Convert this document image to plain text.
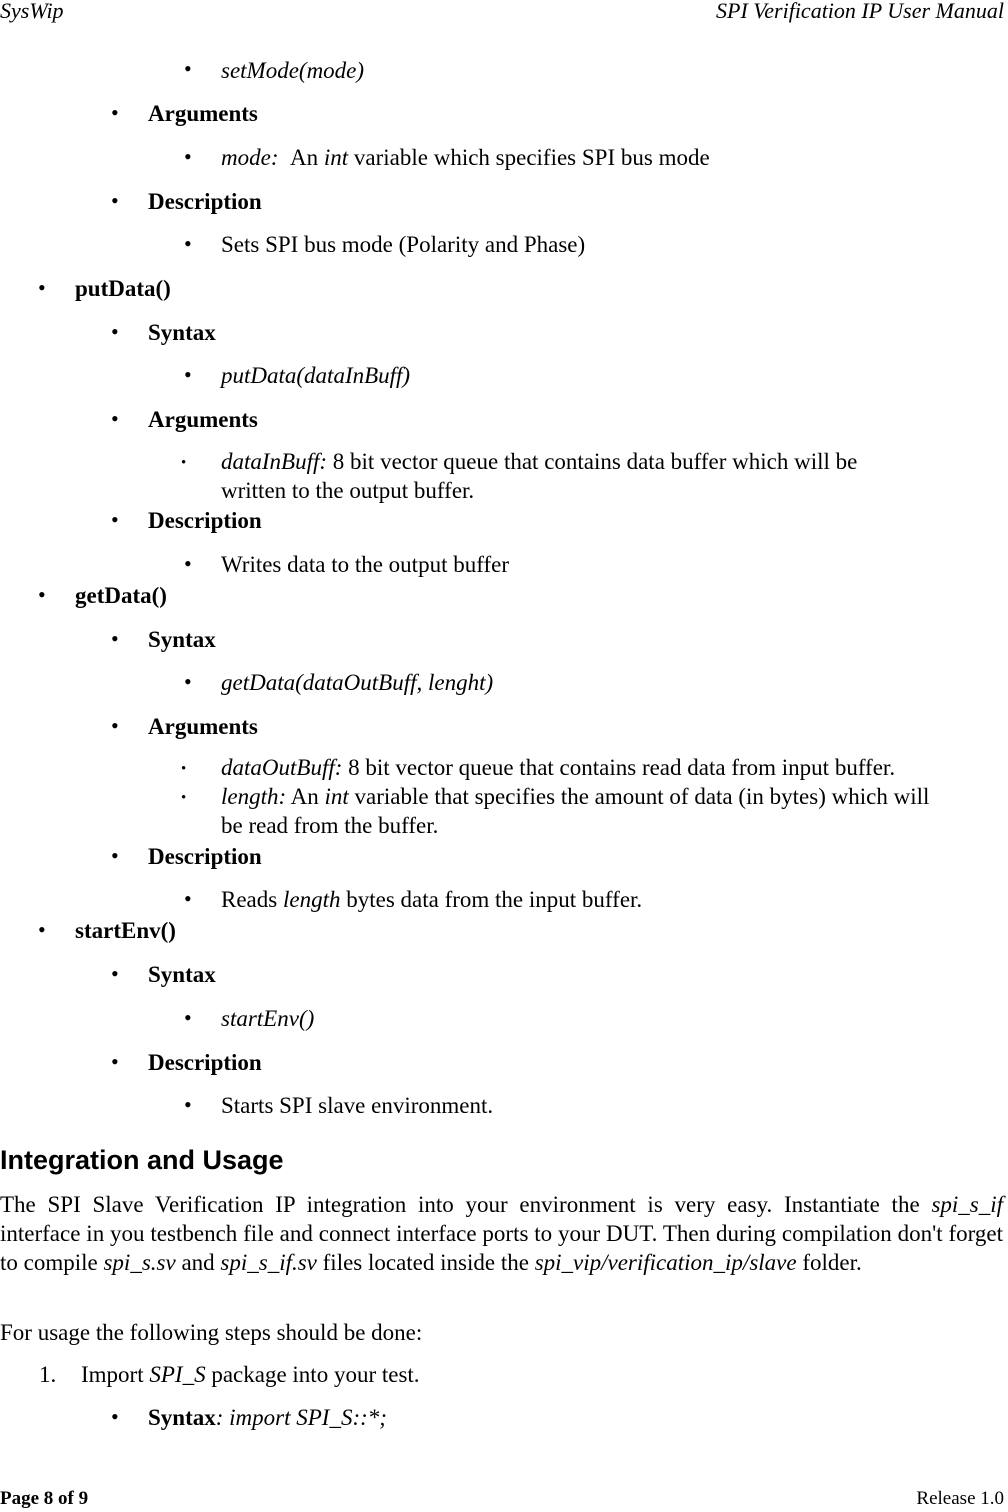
SysWip	SPI Verification IP User Manual
• setMode(mode)
• Arguments
• mode: An int variable which specifies SPI bus mode
• Description
• Sets SPI bus mode (Polarity and Phase)
• putData()
• Syntax
• putData(dataInBuff)
• Arguments
• dataInBuff: 8 bit vector queue that contains data buffer which will be
written to the output buffer.
• Description
• Writes data to the output buffer
• getData()
• Syntax
• getData(dataOutBuff, lenght)
• Arguments
• dataOutBuff: 8 bit vector queue that contains read data from input buffer.
• length: An int variable that specifies the amount of data (in bytes) which will
be read from the buffer.
• Description
• Reads length bytes data from the input buffer.
• startEnv()
• Syntax
• startEnv()
• Description
• Starts SPI slave environment.
Integration and Usage
The SPI Slave Verification IP integration into your environment is very easy. Instantiate the spi_s_if interface in you testbench file and connect interface ports to your DUT. Then during compilation don't forget to compile spi_s.sv and spi_s_if.sv files located inside the spi_vip/verification_ip/slave folder.
For usage the following steps should be done:
1. Import SPI_S package into your test.
• Syntax: import SPI_S::*;
Page 8 of 9	Release 1.0
